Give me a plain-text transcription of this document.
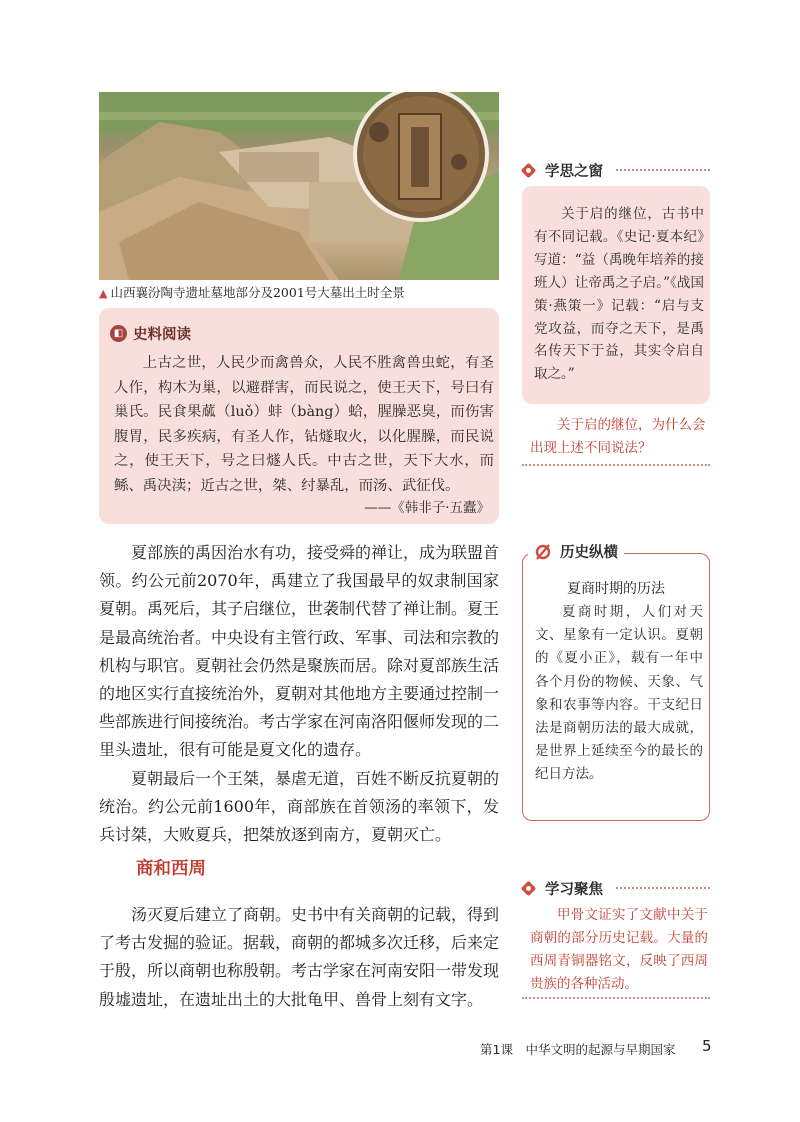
▲ 山西襄汾陶寺遗址墓地部分及2001号大墓出土时全景
◧ 史料阅读
上古之世，人民少而禽兽众，人民不胜禽兽虫蛇，有圣人作，构木为巢，以避群害，而民说之，使王天下，号曰有巢氏。民食果蓏（luǒ）蚌（bàng）蛤，腥臊恶臭，而伤害腹胃，民多疾病，有圣人作，钻燧取火，以化腥臊，而民说之，使王天下，号之曰燧人氏。中古之世，天下大水，而鲧、禹决渎；近古之世，桀、纣暴乱，而汤、武征伐。
——《韩非子·五蠹》

夏部族的禹因治水有功，接受舜的禅让，成为联盟首领。约公元前2070年，禹建立了我国最早的奴隶制国家夏朝。禹死后，其子启继位，世袭制代替了禅让制。夏王是最高统治者。中央设有主管行政、军事、司法和宗教的机构与职官。夏朝社会仍然是聚族而居。除对夏部族生活的地区实行直接统治外，夏朝对其他地方主要通过控制一些部族进行间接统治。考古学家在河南洛阳偃师发现的二里头遗址，很有可能是夏文化的遗存。

夏朝最后一个王桀，暴虐无道，百姓不断反抗夏朝的统治。约公元前1600年，商部族在首领汤的率领下，发兵讨桀，大败夏兵，把桀放逐到南方，夏朝灭亡。

商和西周

汤灭夏后建立了商朝。史书中有关商朝的记载，得到了考古发掘的验证。据载，商朝的都城多次迁移，后来定于殷，所以商朝也称殷朝。考古学家在河南安阳一带发现殷墟遗址，在遗址出土的大批龟甲、兽骨上刻有文字。

学思之窗
关于启的继位，古书中有不同记载。《史记·夏本纪》写道：“益（禹晚年培养的接班人）让帝禹之子启。”《战国策·燕策一》记载：“启与支党攻益，而夺之天下，是禹名传天下于益，其实令启自取之。”
关于启的继位，为什么会出现上述不同说法？
历史纵横
夏商时期的历法
夏商时期，人们对天文、星象有一定认识。夏朝的《夏小正》，载有一年中各个月份的物候、天象、气象和农事等内容。干支纪日法是商朝历法的最大成就，是世界上延续至今的最长的纪日方法。
学习聚焦
甲骨文证实了文献中关于商朝的部分历史记载。大量的西周青铜器铭文，反映了西周贵族的各种活动。
第1课　中华文明的起源与早期国家 5
